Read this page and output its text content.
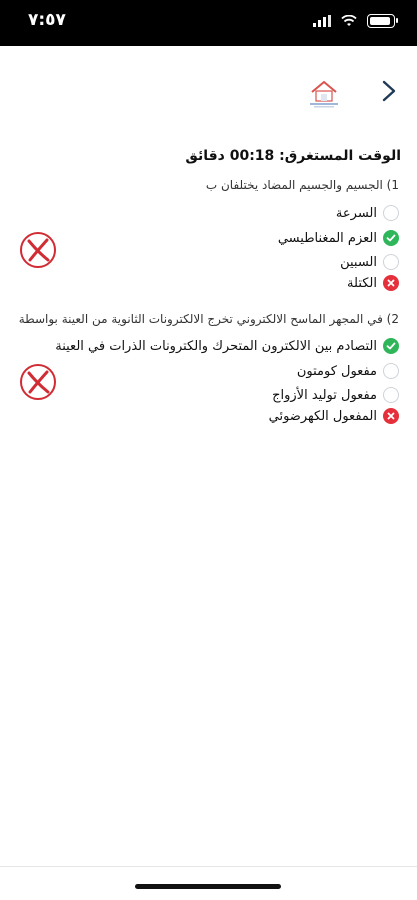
٧:٥٧
الوقت المستغرق: 00:18 دقائق
1) الجسيم والجسيم المضاد يختلفان ب
السرعة
العزم المغناطيسي
السبين
الكتلة
2) في المجهر الماسح الالكتروني تخرج الالكترونات الثانوية من العينة بواسطة
التصادم بين الالكترون المتحرك والكترونات الذرات في العينة
مفعول كومتون
مفعول توليد الأزواج
المفعول الكهرضوئي
